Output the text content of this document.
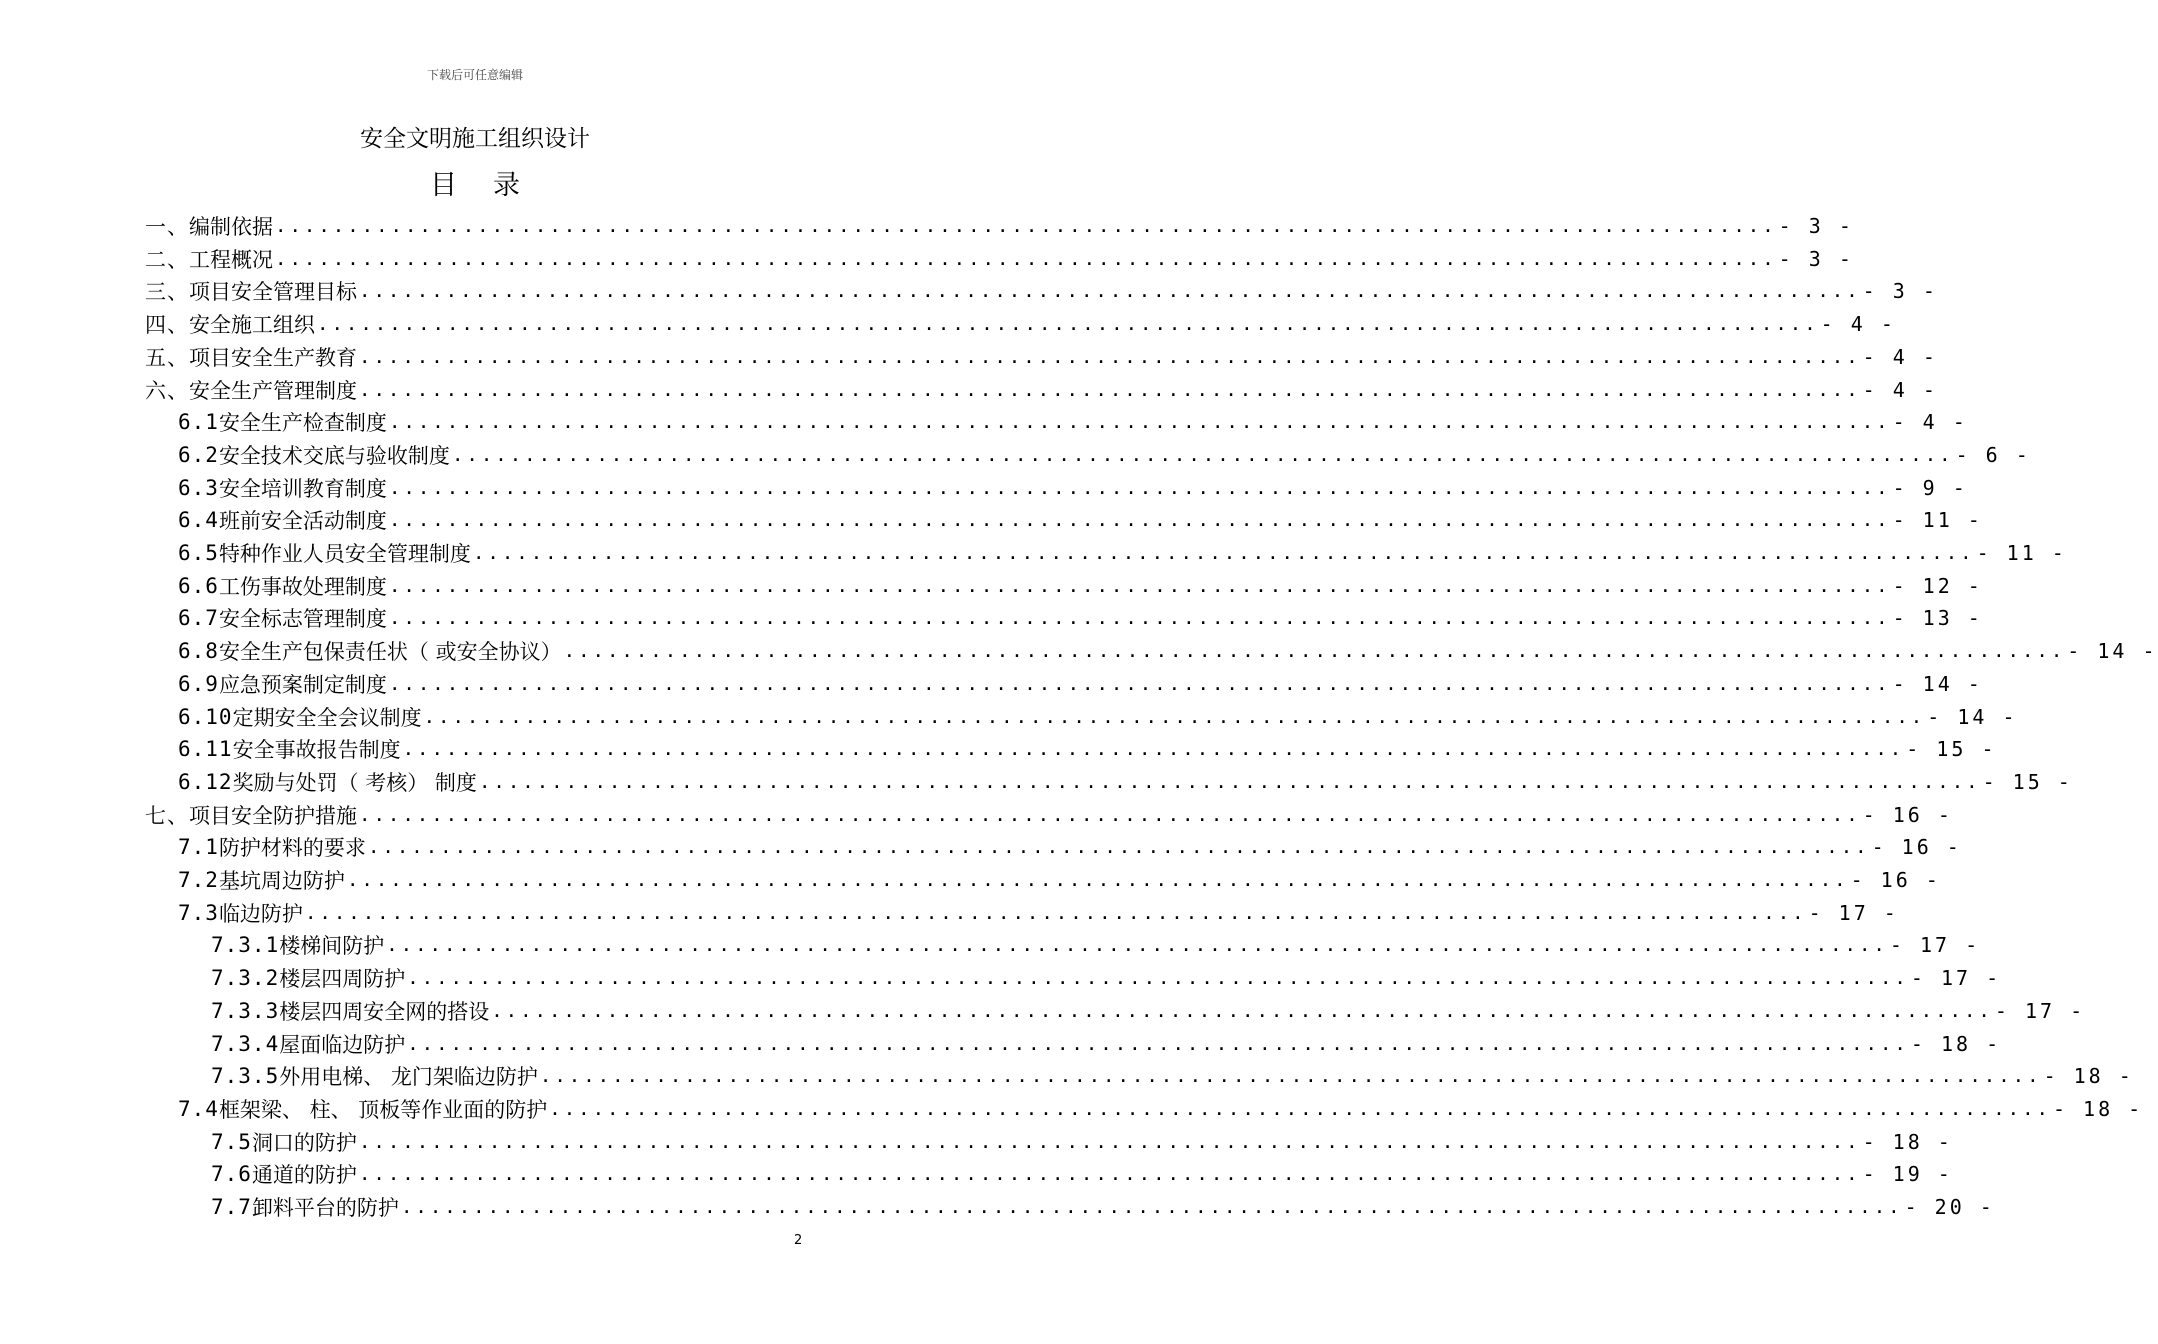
下载后可任意编辑
安全文明施工组织设计
目 录
一、 编制依据 ........................................................................................................ - 3 -
二、 工程概况 ........................................................................................................ - 3 -
三、 项目安全管理目标 ........................................................................................................ - 3 -
四、 安全施工组织 ........................................................................................................ - 4 -
五、 项目安全生产教育 ........................................................................................................ - 4 -
六、 安全生产管理制度 ........................................................................................................ - 4 -
6.1 安全生产检查制度 ........................................................................................................ - 4 -
6.2 安全技术交底与验收制度 ........................................................................................................ - 6 -
6.3 安全培训教育制度 ........................................................................................................ - 9 -
6.4 班前安全活动制度 ........................................................................................................ - 11 -
6.5 特种作业人员安全管理制度 ........................................................................................................ - 11 -
6.6 工伤事故处理制度 ........................................................................................................ - 12 -
6.7 安全标志管理制度 ........................................................................................................ - 13 -
6.8 安全生产包保责任状（ 或安全协议） ........................................................................................................ - 14 -
6.9 应急预案制定制度 ........................................................................................................ - 14 -
6.10 定期安全全会议制度 ........................................................................................................ - 14 -
6.11 安全事故报告制度 ........................................................................................................ - 15 -
6.12 奖励与处罚（ 考核） 制度 ........................................................................................................ - 15 -
七、 项目安全防护措施 ........................................................................................................ - 16 -
7.1 防护材料的要求 ........................................................................................................ - 16 -
7.2 基坑周边防护 ........................................................................................................ - 16 -
7.3 临边防护 ........................................................................................................ - 17 -
7.3.1 楼梯间防护 ........................................................................................................ - 17 -
7.3.2 楼层四周防护 ........................................................................................................ - 17 -
7.3.3 楼层四周安全网的搭设 ........................................................................................................ - 17 -
7.3.4 屋面临边防护 ........................................................................................................ - 18 -
7.3.5 外用电梯、 龙门架临边防护 ........................................................................................................ - 18 -
7.4 框架梁、 柱、 顶板等作业面的防护 ........................................................................................................ - 18 -
7.5 洞口的防护 ........................................................................................................ - 18 -
7.6 通道的防护 ........................................................................................................ - 19 -
7.7 卸料平台的防护 ........................................................................................................ - 20 -
2
